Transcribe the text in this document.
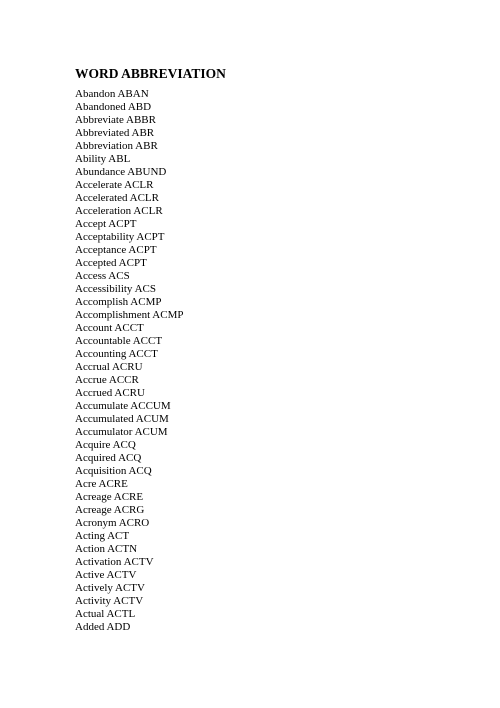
WORD ABBREVIATION
Abandon ABAN
Abandoned ABD
Abbreviate ABBR
Abbreviated ABR
Abbreviation ABR
Ability ABL
Abundance ABUND
Accelerate ACLR
Accelerated ACLR
Acceleration ACLR
Accept ACPT
Acceptability ACPT
Acceptance ACPT
Accepted ACPT
Access ACS
Accessibility ACS
Accomplish ACMP
Accomplishment ACMP
Account ACCT
Accountable ACCT
Accounting ACCT
Accrual ACRU
Accrue ACCR
Accrued ACRU
Accumulate ACCUM
Accumulated ACUM
Accumulator ACUM
Acquire ACQ
Acquired ACQ
Acquisition ACQ
Acre ACRE
Acreage ACRE
Acreage ACRG
Acronym ACRO
Acting ACT
Action ACTN
Activation ACTV
Active ACTV
Actively ACTV
Activity ACTV
Actual ACTL
Added ADD
